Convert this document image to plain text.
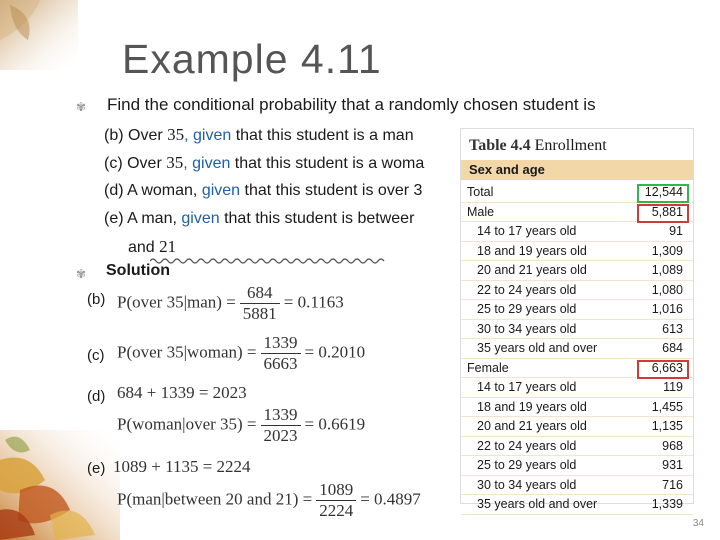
Example 4.11
✾ Find the conditional probability that a randomly chosen student is
(b) Over 35, given that this student is a man
(c) Over 35, given that this student is a woma
(d) A woman, given that this student is over 3
(e) A man, given that this student is betweer
and 21
✾ Solution
(b) P(over $35|man) = \frac{684}{5881} = 0.1163$
(c) P(over 35|woman) = $\frac{1339}{6663} = 0.2010$
(d) 684 + 1339 = 2023
P(woman|over $35) = \frac{1339}{2023} = 0.6619$
(e) 1089 + 1135 = 2224
P(man|between 20 and $21) = \frac{1089}{2224} = 0.4897$
Table 4.4 Enrollment
Sex and age
Total	12,544
Male	5,881
14 to 17 years old	91
18 and 19 years old	1,309
20 and 21 years old	1,089
22 to 24 years old	1,080
25 to 29 years old	1,016
30 to 34 years old	613
35 years old and over	684
Female	6,663
14 to 17 years old	119
18 and 19 years old	1,455
20 and 21 years old	1,135
22 to 24 years old	968
25 to 29 years old	931
30 to 34 years old	716
35 years old and over	1,339
34
